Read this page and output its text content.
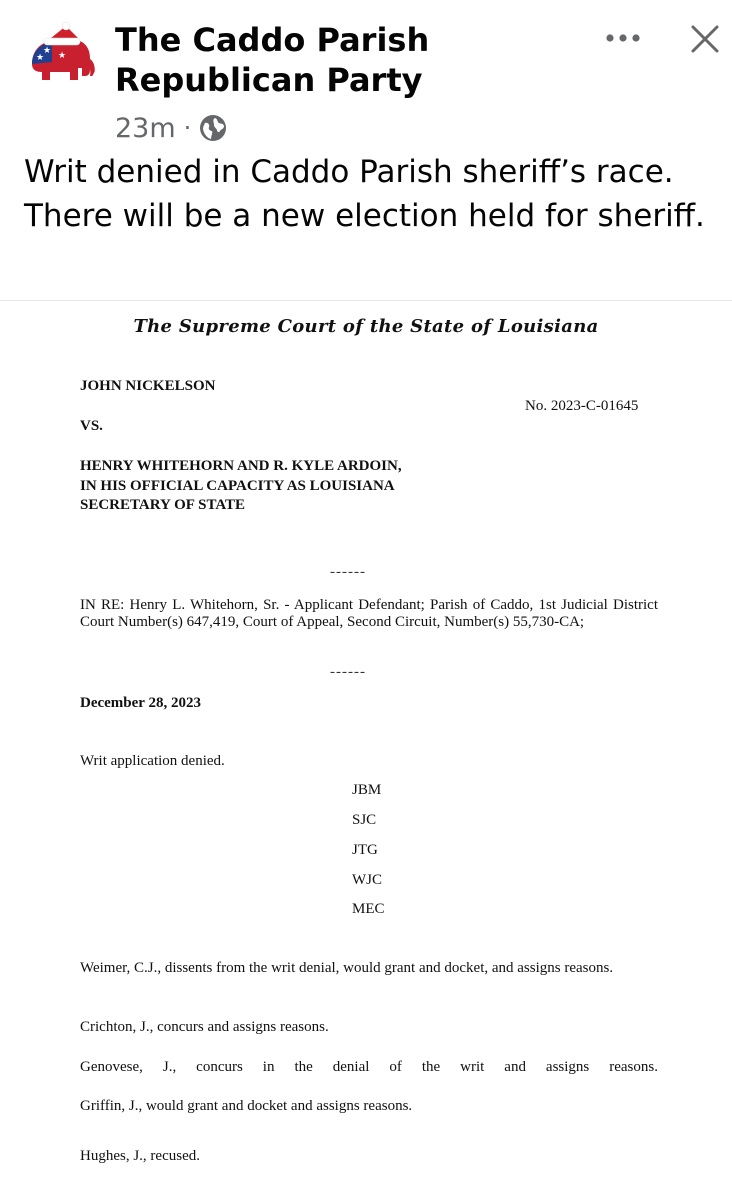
★
★ ★ The Caddo Parish Republican Party
23m ·

Writ denied in Caddo Parish sheriff’s race. There will be a new election held for sheriff.

The Supreme Court of the State of Louisiana
JOHN NICKELSON
No. 2023-C-01645
VS.
HENRY WHITEHORN AND R. KYLE ARDOIN,
IN HIS OFFICIAL CAPACITY AS LOUISIANA
SECRETARY OF STATE
------
IN RE: Henry L. Whitehorn, Sr. - Applicant Defendant; Parish of Caddo, 1st Judicial District Court Number(s) 647,419, Court of Appeal, Second Circuit, Number(s) 55,730-CA;
------
December 28, 2023
Writ application denied.
JBM
SJC
JTG
WJC
MEC
Weimer, C.J., dissents from the writ denial, would grant and docket, and assigns reasons.
Crichton, J., concurs and assigns reasons.
Genovese, J., concurs in the denial of the writ and assigns reasons.
Griffin, J., would grant and docket and assigns reasons.
Hughes, J., recused.
